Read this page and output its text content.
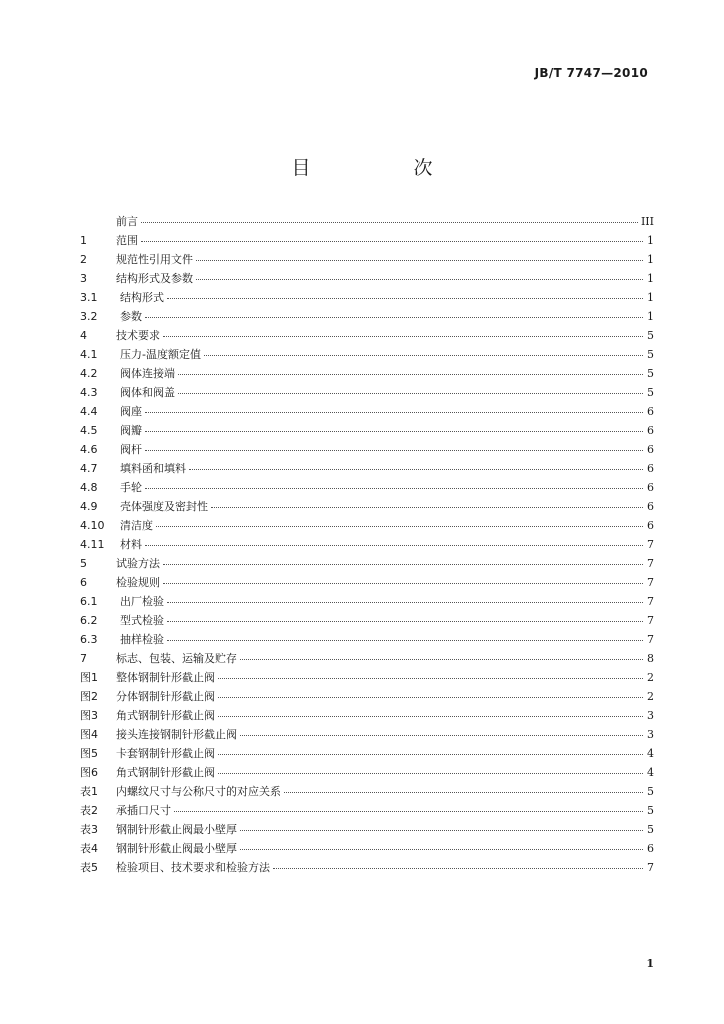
JB/T 7747—2010
目　次
前言	III
1	范围	1
2	规范性引用文件	1
3	结构形式及参数	1
3.1	结构形式	1
3.2	参数	1
4	技术要求	5
4.1	压力-温度额定值	5
4.2	阀体连接端	5
4.3	阀体和阀盖	5
4.4	阀座	6
4.5	阀瓣	6
4.6	阀杆	6
4.7	填料函和填料	6
4.8	手轮	6
4.9	壳体强度及密封性	6
4.10	清洁度	6
4.11	材料	7
5	试验方法	7
6	检验规则	7
6.1	出厂检验	7
6.2	型式检验	7
6.3	抽样检验	7
7	标志、包装、运输及贮存	8
图1	整体钢制针形截止阀	2
图2	分体钢制针形截止阀	2
图3	角式钢制针形截止阀	3
图4	接头连接钢制针形截止阀	3
图5	卡套钢制针形截止阀	4
图6	角式钢制针形截止阀	4
表1	内螺纹尺寸与公称尺寸的对应关系	5
表2	承插口尺寸	5
表3	钢制针形截止阀最小壁厚	5
表4	钢制针形截止阀最小壁厚	6
表5	检验项目、技术要求和检验方法	7
1
